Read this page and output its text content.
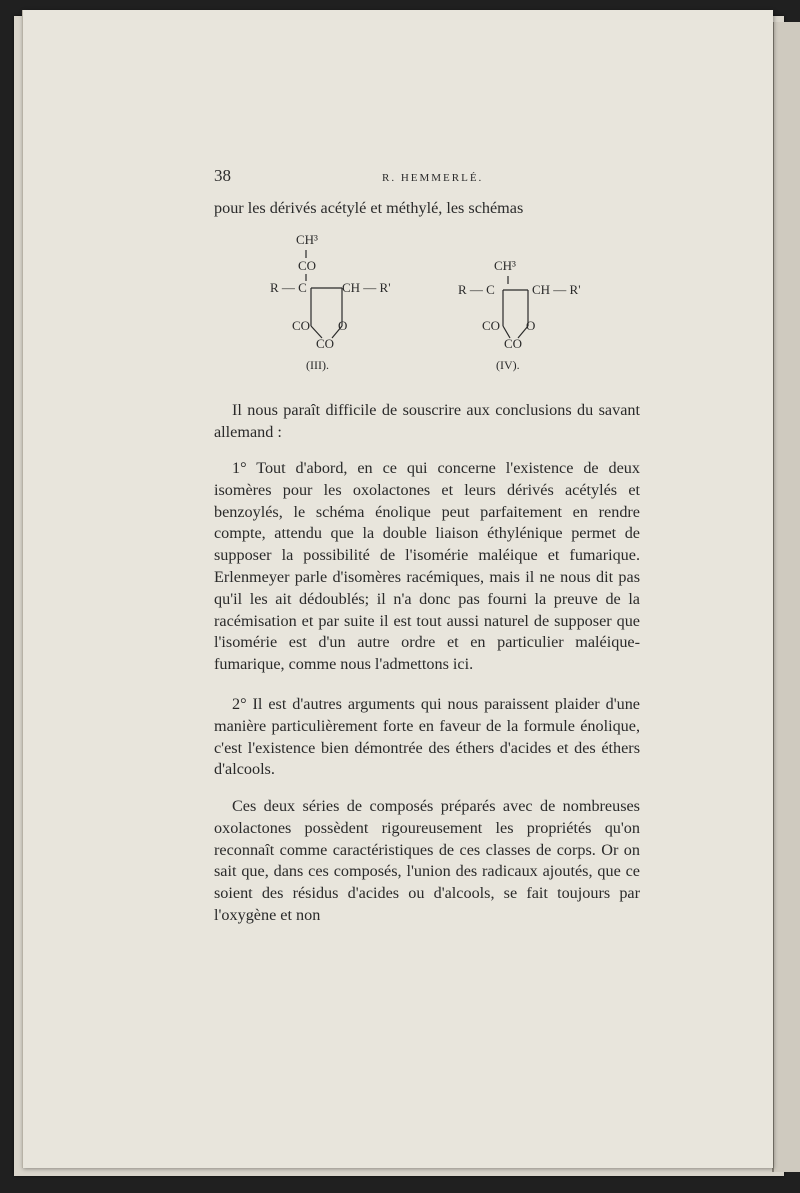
38	R. HEMMERLÉ.

pour les dérivés acétylé et méthylé, les schémas

CH³
CO
R — C	CH — R'
CO O
CO
(III).
CH³
R — C	CH — R'
CO O
CO
(IV).

Il nous paraît difficile de souscrire aux conclusions du savant allemand :

1° Tout d'abord, en ce qui concerne l'existence de deux isomères pour les oxolactones et leurs dérivés acétylés et benzoylés, le schéma énolique peut parfaitement en rendre compte, attendu que la double liaison éthylénique permet de supposer la possibilité de l'isomérie maléique et fumarique. Erlenmeyer parle d'isomères racémiques, mais il ne nous dit pas qu'il les ait dédoublés; il n'a donc pas fourni la preuve de la racémisation et par suite il est tout aussi naturel de supposer que l'isomérie est d'un autre ordre et en particulier maléique-fumarique, comme nous l'admettons ici.

2° Il est d'autres arguments qui nous paraissent plaider d'une manière particulièrement forte en faveur de la formule énolique, c'est l'existence bien démontrée des éthers d'acides et des éthers d'alcools.

Ces deux séries de composés préparés avec de nombreuses oxolactones possèdent rigoureusement les propriétés qu'on reconnaît comme caractéristiques de ces classes de corps. Or on sait que, dans ces composés, l'union des radicaux ajoutés, que ce soient des résidus d'acides ou d'alcools, se fait toujours par l'oxygène et non
